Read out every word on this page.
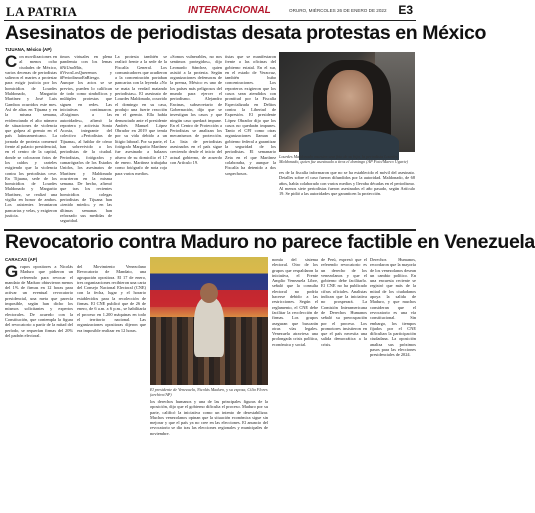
LA PATRIA	INTERNACIONAL	ORURO, MIÉRCOLES 26 DE ENERO DE 2022 E3
Asesinatos de periodistas desata protestas en México
TIJUANA, México (AP)
Con movilizaciones en al menos ocho ciudades de México, varios decenas de periodistas salieron el martes a protestar para exigir justicia por los homicidios de Lourdes Maldonado, Margarito Martínez y José Luis Gamboa ocurridos este mes. Así de altas en Tijuana y en la misma semana, evidenciando el alto número de situaciones de violencia que golpea al gremio en el país latinoamericano. La jornada de protesta comenzó frente al palacio presidencial, en el centro de la capital, donde se colocaron fotos de los caídos y carteles exigiendo que la violencia contra los periodistas cese. En Tijuana, sede de los homicidios de Lourdes Maldonado y Margarito Martínez, se realizó una vigilia en honor de ambos. Los asistentes levantaron pancartas y velas, y exigieron justicia.
timos virtuales en plena pandemia con los lemas #NiUnoMás, #VivosLosQueremos y #PeriodismoEnRiesgo. Aunque los actos se se previos, pueden lo califican de todo como simbólicos y múltiples protestas que siguen en redes. Las iniciativas continuaron. «Exigimos a las autoridades», afirmó la reportera y activista Sonia Acosta, integrante del colectivo «Periodistas de Tijuana», al hablar de cómo han sobrevivido a los periodistas de la ciudad. Periodistas, fotógrafos y camarógrafos de los Estados Unidos, los asesinatos de Martínez y Maldonado ocurrieron en la misma semana. De hecho, afirmó que tras los recientes homicidios colegas periodistas de Tijuana han «tenido miedo» y en las últimas semanas han reforzado sus medidas de seguridad.
La protesta también se realizó frente a la sede de la Fiscalía General. Los comunicadores que acudieron a la concentración portaban pancartas con la leyenda «No se mata la verdad matando periodistas». El asesinato de Lourdes Maldonado, ocurrido el domingo en su casa, produjo una fuerte reacción en el gremio. Ella había denunciado ante el presidente Andrés Manuel López Obrador en 2019 que temía por su vida debido a un litigio laboral. Por su parte, el fotógrafo Margarito Martínez fue asesinado a balazos afuera de su domicilio el 17 de enero. Martínez trabajaba como fotógrafo de nota roja para varios medios.
«Somos vulnerables, no nos sentimos protegidos», dijo Leonardo Sánchez, quien asistió a la protesta. Según organizaciones defensoras de la prensa, México es uno de los países más peligrosos del mundo para ejercer el periodismo. Alejandro Encinas, subsecretario de Gobernación, dijo que se investigan los casos y que ningún caso quedará impune. En el Centro de Protección a Periodistas se analizan los mecanismos de protección. La lista de periodistas asesinados en el país sigue creciendo desde el inicio del actual gobierno, de acuerdo con Artículo 19.
tistas que se manifestaron frente a las oficinas del gobierno estatal. En el sur, en el estado de Veracruz, también hubo concentraciones. Los reporteros exigieron que los casos sean atendidos con prontitud por la Fiscalía Especializada en Delitos contra la Libertad de Expresión. El presidente López Obrador dijo que los casos no quedarán impunes. Tanto el CPJ como otras organizaciones llaman al gobierno federal a garantizar la seguridad de los periodistas. El semanario Zeta en el que Martínez colaboraba, y aunque la Fiscalía ha detenido a dos sospechosos.
Lourdes Maldonado muestra una foto de su hija, la periodista Lourdes Maldonado, quien fue asesinada a tiros el domingo (AP Foto/Marco Ugarte)
res de la fiscalía informaron que no se ha establecido el móvil del asesinato. Detalles sobre el caso fueron difundidos por la autoridad. Maldonado, de 68 años, había colaborado con varios medios y llevaba décadas en el periodismo. Al menos siete periodistas fueron asesinados el año pasado, según Artículo 19. Se pidió a las autoridades que garanticen la protección.
Revocatorio contra Maduro no parece factible en Venezuela
CARACAS (AP)
Grupos opositores a Nicolás Maduro que pidieron un referendo para revocar el mandato de Maduro obtuvieron menos del 1% de firmas en 12 horas para activar un eventual revocatorio presidencial, una meta que parecía imposible, según han dicho los mismos solicitantes y expertos electorales. De acuerdo con la Constitución, que contempla la figura del revocatorio a partir de la mitad del período, se requerían firmas del 20% del padrón electoral.
del Movimiento Venezolano Revocatorio de Mandato, una agrupación opositora. El 17 de enero, tres organizaciones recibieron una carta del Consejo Nacional Electoral (CNE) con la fecha, lugar y el horario establecidos para la recolección de firmas. El CNE publicó que de 26 de enero, de 6 a.m. a 6 p.m., se habilitaría el proceso en 1.200 máquinas en todo el territorio nacional. Las organizaciones opositoras dijeron que era imposible realizar en 12 horas.
El presidente de Venezuela, Nicolás Maduro, y su esposa, Cilia Flores (archivo/AP)
los derechos humanos y una de las principales figuras de la oposición, dijo que el gobierno dificulta el proceso. Maduro por su parte, calificó la iniciativa como un intento de desestabilizar. Muchos venezolanos opinan que la situación económica sigue sin mejorar y que el país ya no cree en las elecciones. El anuncio del revocatorio se dio tras las elecciones regionales y municipales de noviembre.
nomía del sistema electoral. Otro de los grupos que respaldaron la iniciativa, el Frente Amplio Venezuela Libre, señaló que la consulta electoral no podría hacerse debido a las restricciones. Según el reglamento, el CNE debe facilitar la recolección de firmas. Los grupos aseguran que buscarán otras vías legales. Venezuela atraviesa una prolongada crisis política, económica y social.
de Perú, expresó que el referendo revocatorio es un derecho de los venezolanos y que el gobierno debe facilitarlo. El CNE no ha publicado cifras oficiales. Analistas indican que la iniciativa no prosperará. La Comisión Interamericana de Derechos Humanos señaló su preocupación por el proceso. Los promotores insistieron en que el país necesita una salida democrática a la crisis.
Derechos Humanos, recordaron que la mayoría de los venezolanos desean un cambio político. En una encuesta reciente se registró que más de la mitad de los ciudadanos apoya la salida de Maduro, y que muchos consideran que el revocatorio es una vía constitucional. Sin embargo, los tiempos fijados por el CNE dificultan la participación ciudadana. La oposición analiza sus próximos pasos para las elecciones presidenciales de 2024.
